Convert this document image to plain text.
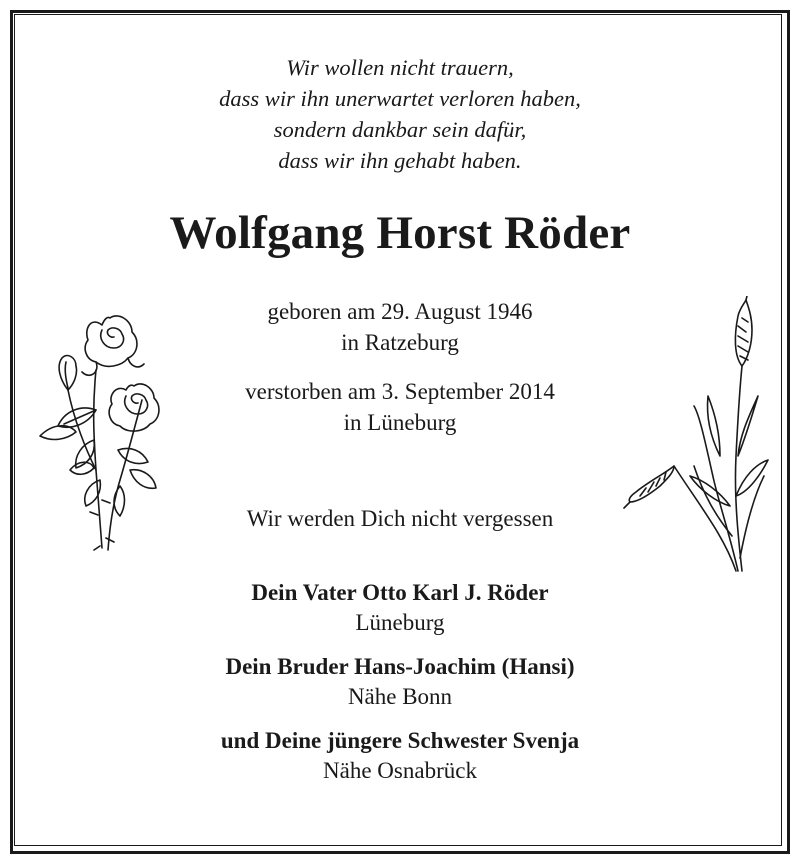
Wir wollen nicht trauern,
dass wir ihn unerwartet verloren haben,
sondern dankbar sein dafür,
dass wir ihn gehabt haben.
Wolfgang Horst Röder
geboren am 29. August 1946
in Ratzeburg
verstorben am 3. September 2014
in Lüneburg
Wir werden Dich nicht vergessen
Dein Vater Otto Karl J. Röder
Lüneburg
Dein Bruder Hans-Joachim (Hansi)
Nähe Bonn
und Deine jüngere Schwester Svenja
Nähe Osnabrück
